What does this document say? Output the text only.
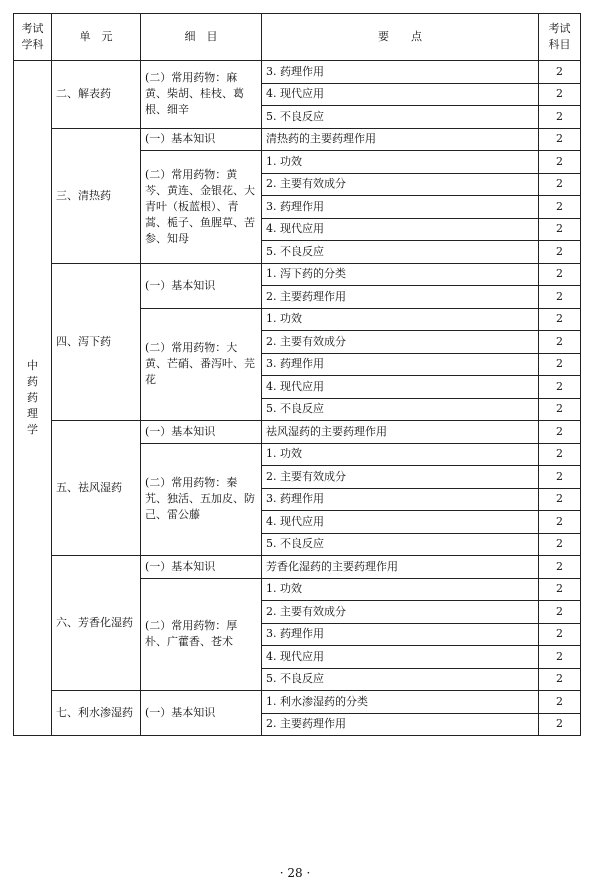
考试
学科	单　元	细　目	要　　点	考试
科目
中药药理学	二、解表药	(二）常用药物：麻黄、柴胡、桂枝、葛根、细辛	3. 药理作用	2
			4. 现代应用	2
			5. 不良反应	2
	三、清热药	(一）基本知识	清热药的主要药理作用	2
		(二）常用药物：黄芩、黄连、金银花、大青叶（板蓝根）、青蒿、栀子、鱼腥草、苦参、知母	1. 功效	2
			2. 主要有效成分	2
			3. 药理作用	2
			4. 现代应用	2
			5. 不良反应	2
	四、泻下药	(一）基本知识	1. 泻下药的分类	2
			2. 主要药理作用	2
		(二）常用药物：大黄、芒硝、番泻叶、芫花	1. 功效	2
			2. 主要有效成分	2
			3. 药理作用	2
			4. 现代应用	2
			5. 不良反应	2
	五、祛风湿药	(一）基本知识	祛风湿药的主要药理作用	2
		(二）常用药物：秦艽、独活、五加皮、防己、雷公藤	1. 功效	2
			2. 主要有效成分	2
			3. 药理作用	2
			4. 现代应用	2
			5. 不良反应	2
	六、芳香化湿药	(一）基本知识	芳香化湿药的主要药理作用	2
		(二）常用药物：厚朴、广藿香、苍术	1. 功效	2
			2. 主要有效成分	2
			3. 药理作用	2
			4. 现代应用	2
			5. 不良反应	2
	七、利水渗湿药	(一）基本知识	1. 利水渗湿药的分类	2
			2. 主要药理作用	2
· 28 ·
